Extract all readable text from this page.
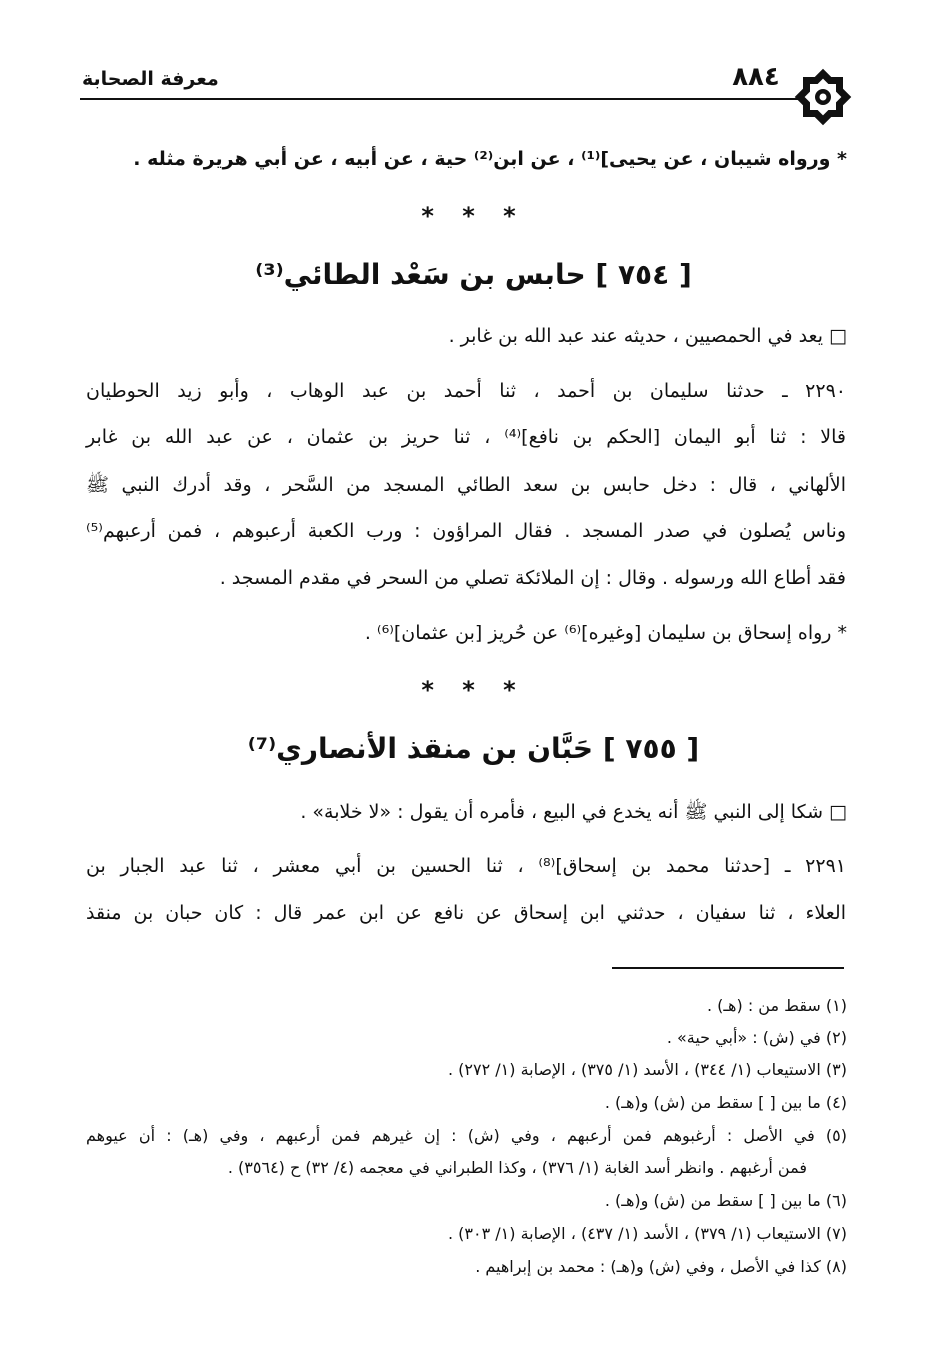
٨٨٤
معرفة الصحابة
* ورواه شيبان ، عن يحيى]⁽¹⁾ ، عن ابن⁽²⁾ حية ، عن أبيه ، عن أبي هريرة مثله .
* * *
[ ٧٥٤ ] حابس بن سَعْد الطائي⁽³⁾
□ يعد في الحمصيين ، حديثه عند عبد الله بن غابر .
٢٢٩٠ ـ حدثنا سليمان بن أحمد ، ثنا أحمد بن عبد الوهاب ، وأبو زيد الحوطيان
قالا : ثنا أبو اليمان [الحكم بن نافع]⁽⁴⁾ ، ثنا حريز بن عثمان ، عن عبد الله بن غابر
الألهاني ، قال : دخل حابس بن سعد الطائي المسجد من السَّحر ، وقد أدرك النبي ﷺ
وناس يُصلون في صدر المسجد . فقال المراؤون : ورب الكعبة أرعبوهم ، فمن أرعبهم⁽⁵⁾
فقد أطاع الله ورسوله . وقال : إن الملائكة تصلي من السحر في مقدم المسجد .
* رواه إسحاق بن سليمان [وغيره]⁽⁶⁾ عن حُريز [بن عثمان]⁽⁶⁾ .
* * *
[ ٧٥٥ ] حَبَّان بن منقذ الأنصاري⁽⁷⁾
□ شكا إلى النبي ﷺ أنه يخدع في البيع ، فأمره أن يقول : «لا خلابة» .
٢٢٩١ ـ [حدثنا محمد بن إسحاق]⁽⁸⁾ ، ثنا الحسين بن أبي معشر ، ثنا عبد الجبار بن
العلاء ، ثنا سفيان ، حدثني ابن إسحاق عن نافع عن ابن عمر قال : كان حبان بن منقذ
(١) سقط من : (هـ) .
(٢) في (ش) : «أبي حية» .
(٣) الاستيعاب (١/ ٣٤٤) ، الأسد (١/ ٣٧٥) ، الإصابة (١/ ٢٧٢) .
(٤) ما بين [ ] سقط من (ش) و(هـ) .
(٥) في الأصل : أرغبوهم فمن أرعبهم ، وفي (ش) : إن غيرهم فمن أرعبهم ، وفي (هـ) : أن عيوهم
فمن أرغبهم . وانظر أسد الغابة (١/ ٣٧٦) ، وكذا الطبراني في معجمه (٤/ ٣٢) ح (٣٥٦٤) .
(٦) ما بين [ ] سقط من (ش) و(هـ) .
(٧) الاستيعاب (١/ ٣٧٩) ، الأسد (١/ ٤٣٧) ، الإصابة (١/ ٣٠٣) .
(٨) كذا في الأصل ، وفي (ش) و(هـ) : محمد بن إبراهيم .
